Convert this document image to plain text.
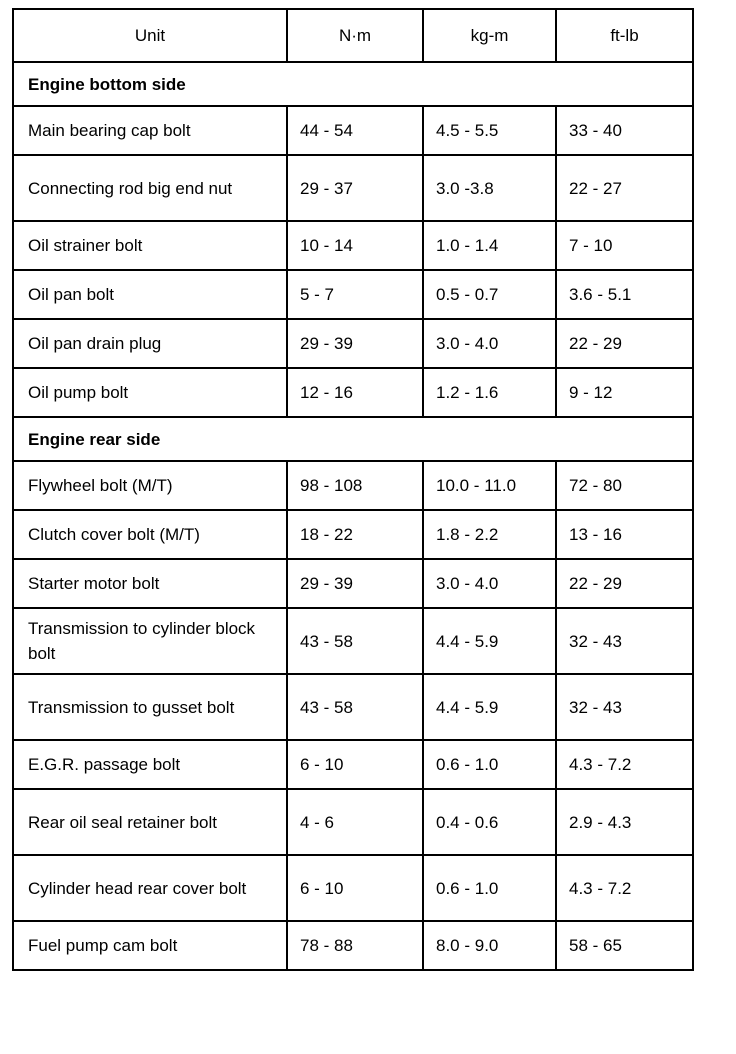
Unit	N·m	kg-m	ft-lb
Engine bottom side			
Main bearing cap bolt	44 - 54	4.5 - 5.5	33 - 40
Connecting rod big end nut	29 - 37	3.0 -3.8	22 - 27
Oil strainer bolt	10 - 14	1.0 - 1.4	7 - 10
Oil pan bolt	5 - 7	0.5 - 0.7	3.6 - 5.1
Oil pan drain plug	29 - 39	3.0 - 4.0	22 - 29
Oil pump bolt	12 - 16	1.2 - 1.6	9 - 12
Engine rear side			
Flywheel bolt (M/T)	98 - 108	10.0 - 11.0	72 - 80
Clutch cover bolt (M/T)	18 - 22	1.8 - 2.2	13 - 16
Starter motor bolt	29 - 39	3.0 - 4.0	22 - 29
Transmission to cylinder block bolt	43 - 58	4.4 - 5.9	32 - 43
Transmission to gusset bolt	43 - 58	4.4 - 5.9	32 - 43
E.G.R. passage bolt	6 - 10	0.6 - 1.0	4.3 - 7.2
Rear oil seal retainer bolt	4 - 6	0.4 - 0.6	2.9 - 4.3
Cylinder head rear cover bolt	6 - 10	0.6 - 1.0	4.3 - 7.2
Fuel pump cam bolt	78 - 88	8.0 - 9.0	58 - 65
